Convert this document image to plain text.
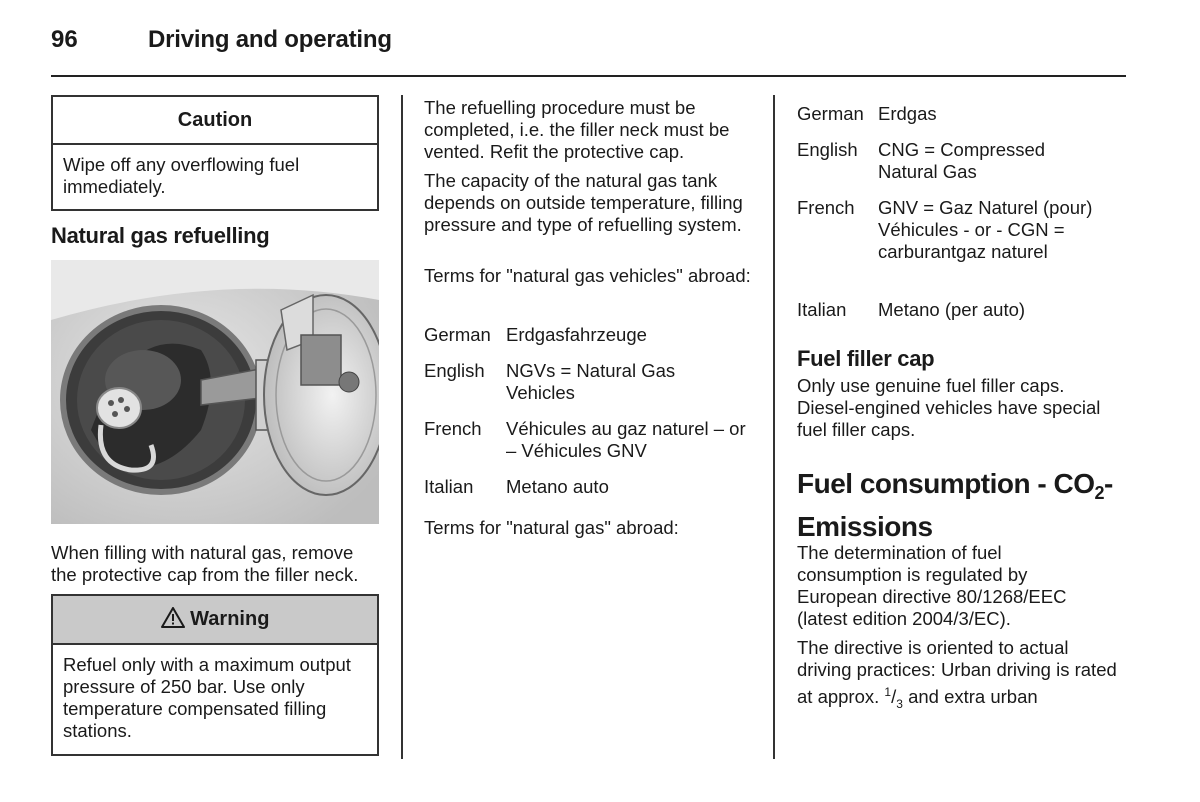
96	Driving and operating
Caution
Wipe off any overflowing fuel immediately.
Natural gas refuelling
When filling with natural gas, remove the protective cap from the filler neck.
Warning
Refuel only with a maximum output pressure of 250 bar. Use only temperature compensated filling stations.
The refuelling procedure must be completed, i.e. the filler neck must be vented. Refit the protective cap.
The capacity of the natural gas tank depends on outside temperature, filling pressure and type of refuelling system.
Terms for "natural gas vehicles" abroad:
German Erdgasfahrzeuge
English	NGVs = Natural Gas Vehicles
French	Véhicules au gaz naturel – or – Véhicules GNV
Italian	Metano auto
Terms for "natural gas" abroad:
German Erdgas
English	CNG = Compressed Natural Gas
French	GNV = Gaz Naturel (pour) Véhicules - or - CGN = carburantgaz naturel
Italian	Metano (per auto)
Fuel filler cap
Only use genuine fuel filler caps. Diesel-engined vehicles have special fuel filler caps.
Fuel consumption - $CO_2-$
Emissions
The determination of fuel consumption is regulated by European directive 80/1268/EEC (latest edition 2004/3/EC).
The directive is oriented to actual driving practices: Urban driving is rated at approx. $^1/_3$ and extra urban
